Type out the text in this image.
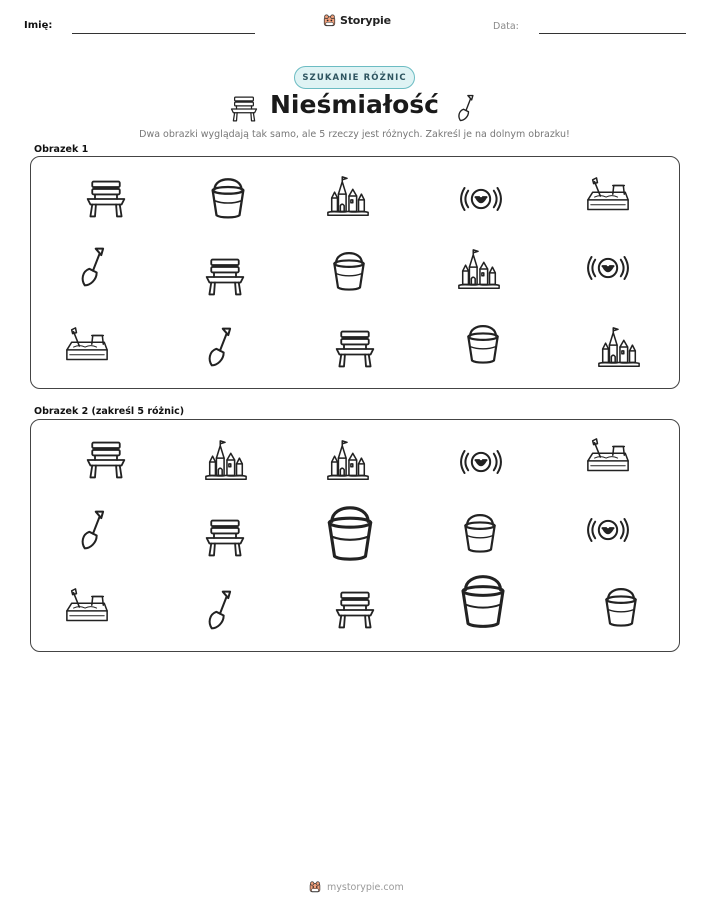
Imię:	Storypie	Data:
SZUKANIE RÓŻNIC
Nieśmiałość
Dwa obrazki wyglądają tak samo, ale 5 rzeczy jest różnych. Zakreśl je na dolnym obrazku!
Obrazek 1
Obrazek 2 (zakreśl 5 różnic)
mystorypie.com
